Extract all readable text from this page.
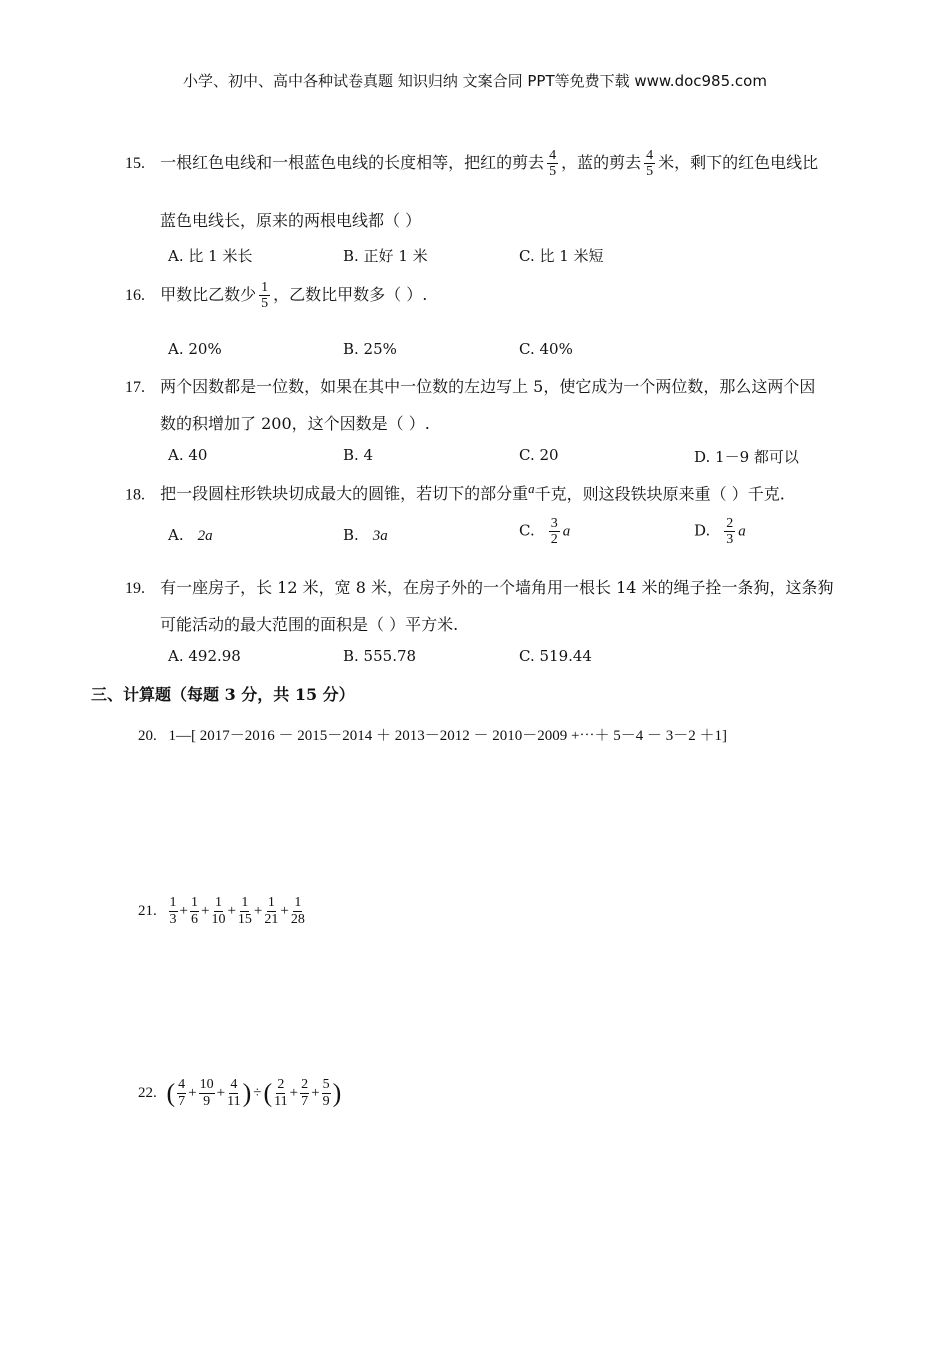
小学、初中、高中各种试卷真题 知识归纳 文案合同 PPT等免费下载 www.doc985.com
15. 一根红色电线和一根蓝色电线的长度相等，把红的剪去 $\frac{4}{5}$ ，蓝的剪去 $\frac{4}{5}$ 米，剩下的红色电线比
蓝色电线长，原来的两根电线都（ ）
A. 比 1 米长	B. 正好 1 米	C. 比 1 米短
16. 甲数比乙数少 $\frac{1}{5}$ ，乙数比甲数多（ ）.
A. 20%	B. 25%	C. 40%
17. 两个因数都是一位数，如果在其中一位数的左边写上 5，使它成为一个两位数，那么这两个因
数的积增加了 200，这个因数是（ ）.
A. 40	B. 4	C. 20	D. 1－9 都可以
18. 把一段圆柱形铁块切成最大的圆锥，若切下的部分重$^a$千克，则这段铁块原来重（ ）千克.
A. 2a	B. 3a	C. $\frac{3}{2}$ a	D. $\frac{2}{3}$ a
19. 有一座房子，长 12 米，宽 8 米，在房子外的一个墙角用一根长 14 米的绳子拴一条狗，这条狗
可能活动的最大范围的面积是（ ）平方米.
A. 492.98	B. 555.78	C. 519.44
三、计算题（每题 3 分，共 15 分）
20. 1—[ 2017－2016 － 2015－2014 ＋ 2013－2012 － 2010－2009 +⋯＋ 5－4 － 3－2 ＋1]
21. $\frac{1}{3} + \frac{1}{6} + \frac{1}{10} + \frac{1}{15} + \frac{1}{21} + \frac{1}{28}$
22. ( $\frac{4}{7} + \frac{10}{9} + \frac{4}{11}$ ) ÷( $\frac{2}{11} + \frac{2}{7} + \frac{5}{9}$ )
